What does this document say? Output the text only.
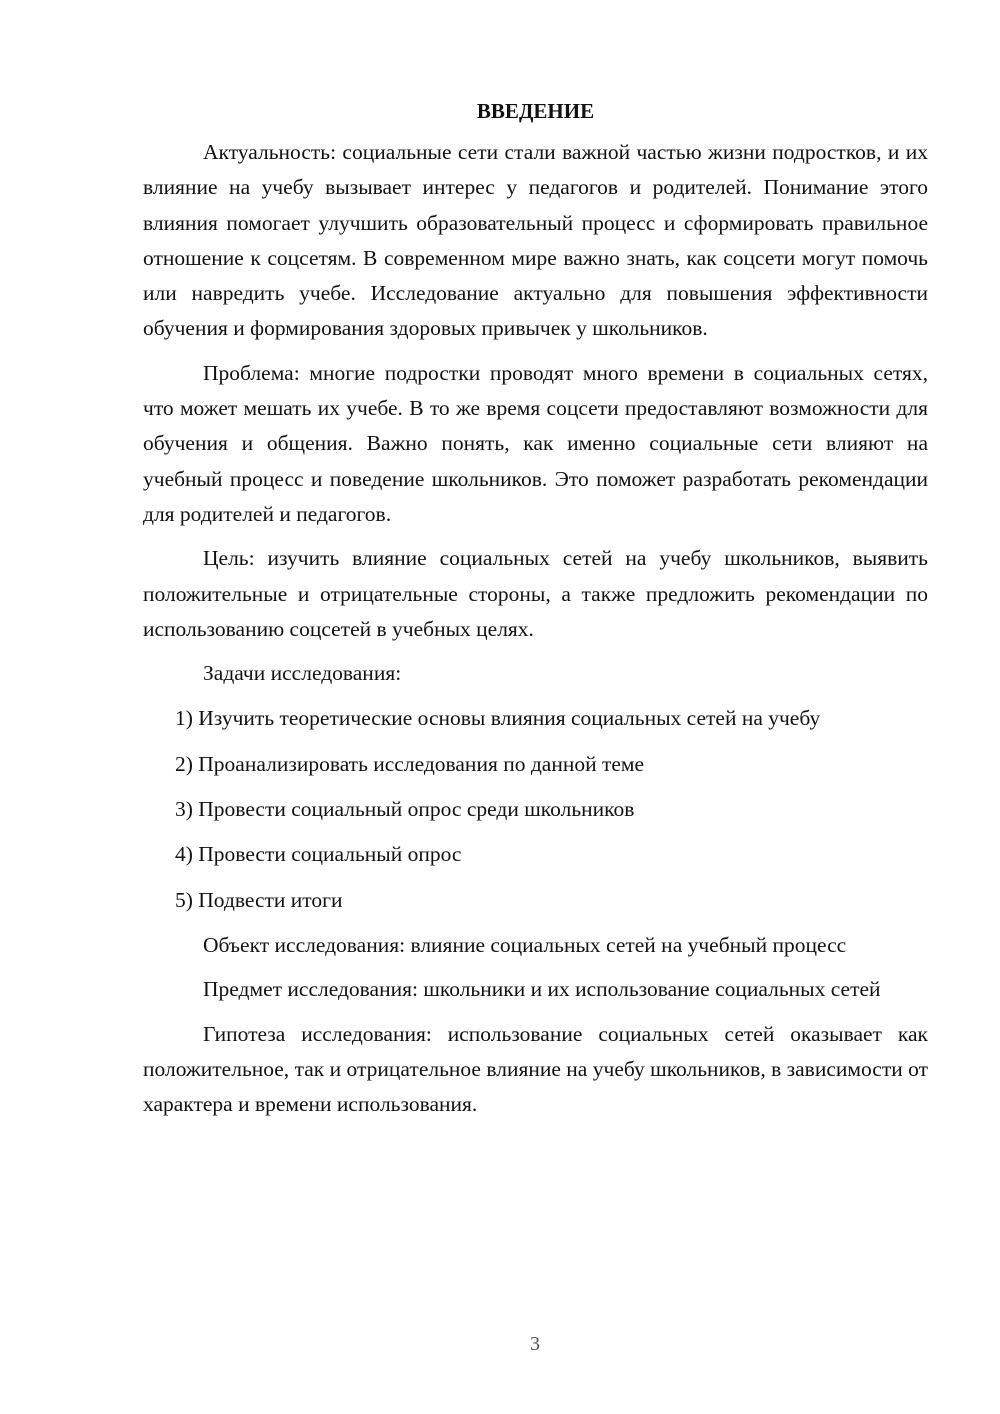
ВВЕДЕНИЕ

Актуальность: социальные сети стали важной частью жизни подростков, и их влияние на учебу вызывает интерес у педагогов и родителей. Понимание этого влияния помогает улучшить образовательный процесс и сформировать правильное отношение к соцсетям. В современном мире важно знать, как соцсети могут помочь или навредить учебе. Исследование актуально для повышения эффективности обучения и формирования здоровых привычек у школьников.

Проблема: многие подростки проводят много времени в социальных сетях, что может мешать их учебе. В то же время соцсети предоставляют возможности для обучения и общения. Важно понять, как именно социальные сети влияют на учебный процесс и поведение школьников. Это поможет разработать рекомендации для родителей и педагогов.

Цель: изучить влияние социальных сетей на учебу школьников, выявить положительные и отрицательные стороны, а также предложить рекомендации по использованию соцсетей в учебных целях.

Задачи исследования:
1) Изучить теоретические основы влияния социальных сетей на учебу
2) Проанализировать исследования по данной теме
3) Провести социальный опрос среди школьников
4) Провести социальный опрос
5) Подвести итоги

Объект исследования: влияние социальных сетей на учебный процесс

Предмет исследования: школьники и их использование социальных сетей

Гипотеза исследования: использование социальных сетей оказывает как положительное, так и отрицательное влияние на учебу школьников, в зависимости от характера и времени использования.

3
